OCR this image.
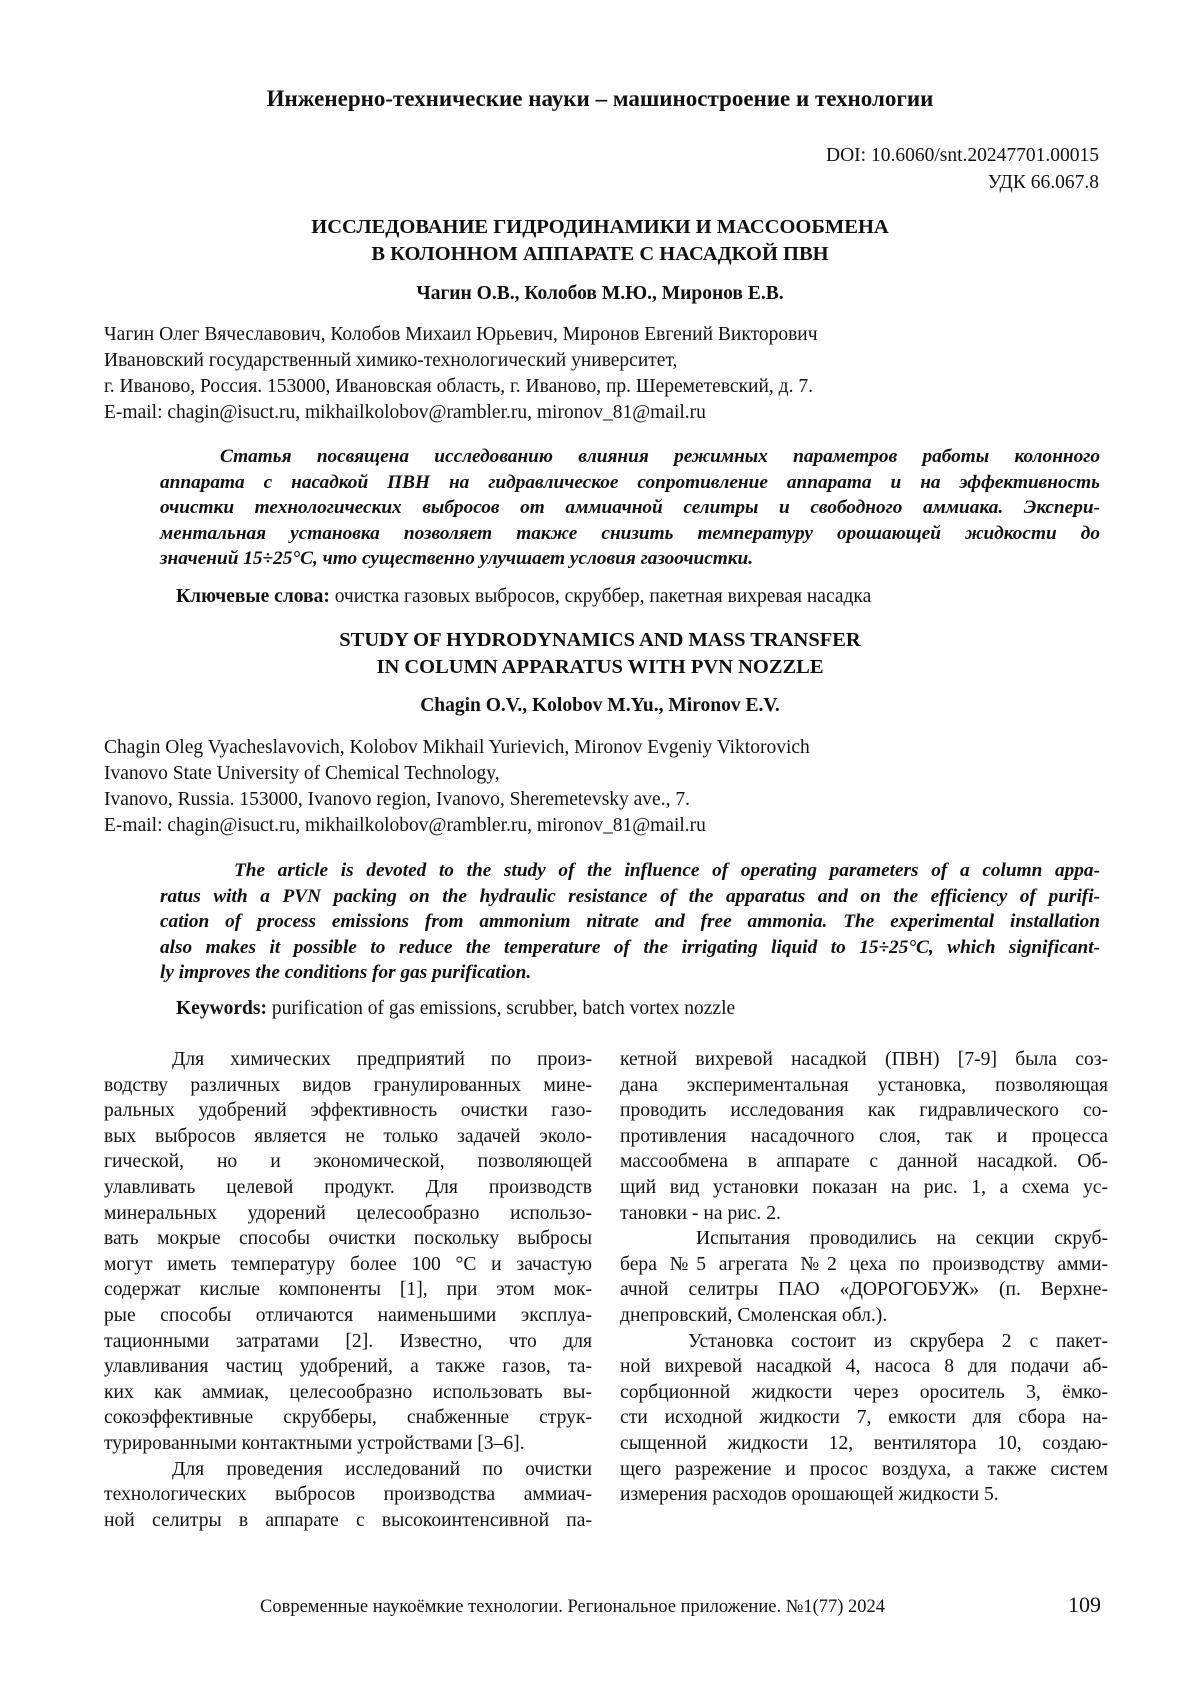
Инженерно-технические науки – машиностроение и технологии
DOI: 10.6060/snt.20247701.00015
УДК 66.067.8
ИССЛЕДОВАНИЕ ГИДРОДИНАМИКИ И МАССООБМЕНА
В КОЛОННОМ АППАРАТЕ С НАСАДКОЙ ПВН
Чагин О.В., Колобов М.Ю., Миронов Е.В.
Чагин Олег Вячеславович, Колобов Михаил Юрьевич, Миронов Евгений Викторович
Ивановский государственный химико-технологический университет,
г. Иваново, Россия. 153000, Ивановская область, г. Иваново, пр. Шереметевский, д. 7.
E-mail: chagin@isuct.ru, mikhailkolobov@rambler.ru, mironov_81@mail.ru
Статья посвящена исследованию влияния режимных параметров работы колонного
аппарата с насадкой ПВН на гидравлическое сопротивление аппарата и на эффективность
очистки технологических выбросов от аммиачной селитры и свободного аммиака. Экспери-
ментальная установка позволяет также снизить температуру орошающей жидкости до
значений 15÷25°С, что существенно улучшает условия газоочистки.
Ключевые слова: очистка газовых выбросов, скруббер, пакетная вихревая насадка
STUDY OF HYDRODYNAMICS AND MASS TRANSFER
IN COLUMN APPARATUS WITH PVN NOZZLE
Chagin O.V., Kolobov M.Yu., Mironov E.V.
Chagin Oleg Vyacheslavovich, Kolobov Mikhail Yurievich, Mironov Evgeniy Viktorovich
Ivanovo State University of Chemical Technology,
Ivanovo, Russia. 153000, Ivanovo region, Ivanovo, Sheremetevsky ave., 7.
E-mail: chagin@isuct.ru, mikhailkolobov@rambler.ru, mironov_81@mail.ru
The article is devoted to the study of the influence of operating parameters of a column appa-
ratus with a PVN packing on the hydraulic resistance of the apparatus and on the efficiency of purifi-
cation of process emissions from ammonium nitrate and free ammonia. The experimental installation
also makes it possible to reduce the temperature of the irrigating liquid to 15÷25°C, which significant-
ly improves the conditions for gas purification.
Keywords: purification of gas emissions, scrubber, batch vortex nozzle
Для химических предприятий по произ-
водству различных видов гранулированных мине-
ральных удобрений эффективность очистки газо-
вых выбросов является не только задачей эколо-
гической, но и экономической, позволяющей
улавливать целевой продукт. Для производств
минеральных удорений целесообразно использо-
вать мокрые способы очистки поскольку выбросы
могут иметь температуру более 100 °С и зачастую
содержат кислые компоненты [1], при этом мок-
рые способы отличаются наименьшими эксплуа-
тационными затратами [2]. Известно, что для
улавливания частиц удобрений, а также газов, та-
ких как аммиак, целесообразно использовать вы-
сокоэффективные скрубберы, снабженные струк-
турированными контактными устройствами [3–6].
Для проведения исследований по очистки
технологических выбросов производства аммиач-
ной селитры в аппарате с высокоинтенсивной па-
кетной вихревой насадкой (ПВН) [7-9] была соз-
дана экспериментальная установка, позволяющая
проводить исследования как гидравлического со-
противления насадочного слоя, так и процесса
массообмена в аппарате с данной насадкой. Об-
щий вид установки показан на рис. 1, а схема ус-
тановки - на рис. 2.
Испытания проводились на секции скруб-
бера №5 агрегата №2 цеха по производству амми-
ачной селитры ПАО «ДОРОГОБУЖ» (п. Верхне-
днепровский, Смоленская обл.).
Установка состоит из скрубера 2 с пакет-
ной вихревой насадкой 4, насоса 8 для подачи аб-
сорбционной жидкости через ороситель 3, ёмко-
сти исходной жидкости 7, емкости для сбора на-
сыщенной жидкости 12, вентилятора 10, создаю-
щего разрежение и просос воздуха, а также систем
измерения расходов орошающей жидкости 5.
Современные наукоёмкие технологии. Региональное приложение. №1(77) 2024	109
